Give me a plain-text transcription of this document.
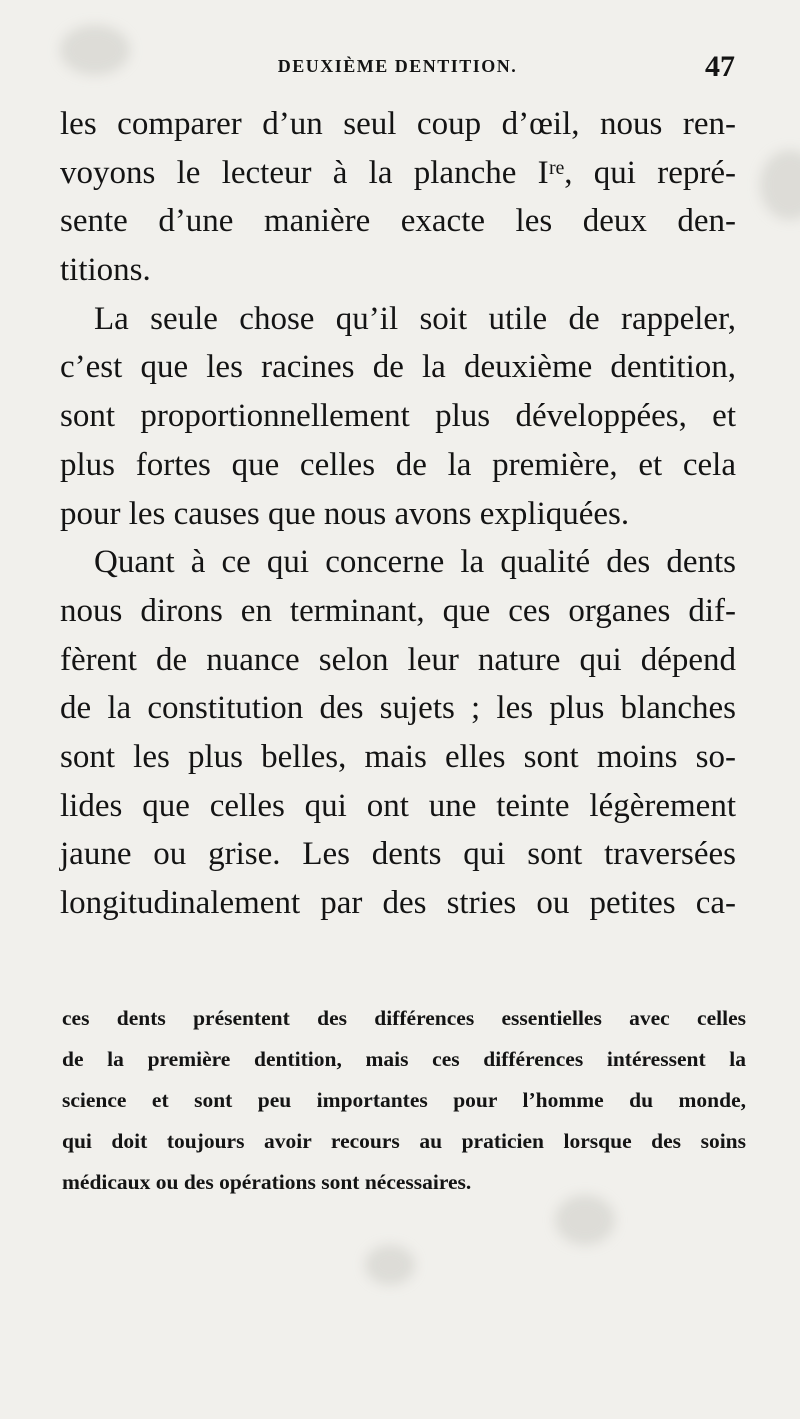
DEUXIÈME DENTITION.	47
les comparer d’un seul coup d’œil, nous ren-
voyons le lecteur à la planche Iʳᵉ, qui repré-
sente d’une manière exacte les deux den-
titions.
La seule chose qu’il soit utile de rappeler,
c’est que les racines de la deuxième dentition,
sont proportionnellement plus développées, et
plus fortes que celles de la première, et cela
pour les causes que nous avons expliquées.
Quant à ce qui concerne la qualité des dents
nous dirons en terminant, que ces organes dif-
fèrent de nuance selon leur nature qui dépend
de la constitution des sujets ; les plus blanches
sont les plus belles, mais elles sont moins so-
lides que celles qui ont une teinte légèrement
jaune ou grise. Les dents qui sont traversées
longitudinalement par des stries ou petites ca-
ces dents présentent des différences essentielles avec celles
de la première dentition, mais ces différences intéressent la
science et sont peu importantes pour l’homme du monde,
qui doit toujours avoir recours au praticien lorsque des soins
médicaux ou des opérations sont nécessaires.
